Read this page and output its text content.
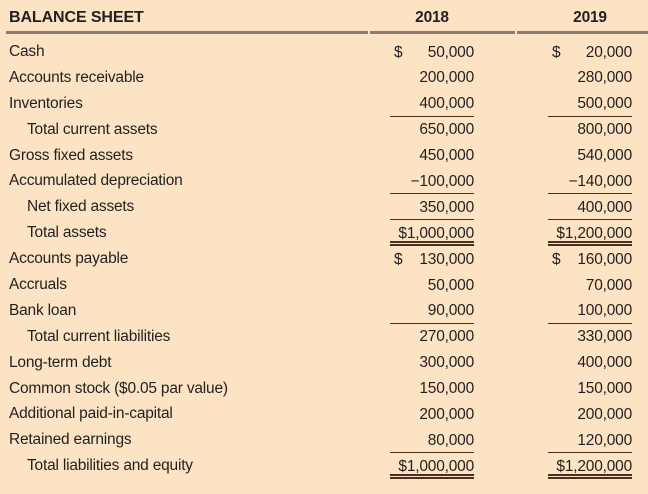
BALANCE SHEET	2018	2019
Cash	$ 50,000	$ 20,000
Accounts receivable	200,000	280,000
Inventories	400,000	500,000
Total current assets	650,000	800,000
Gross fixed assets	450,000	540,000
Accumulated depreciation	−100,000	−140,000
Net fixed assets	350,000	400,000
Total assets	$1,000,000	$1,200,000
Accounts payable	$ 130,000	$ 160,000
Accruals	50,000	70,000
Bank loan	90,000	100,000
Total current liabilities	270,000	330,000
Long-term debt	300,000	400,000
Common stock ($0.05 par value)	150,000	150,000
Additional paid-in-capital	200,000	200,000
Retained earnings	80,000	120,000
Total liabilities and equity	$1,000,000	$1,200,000
